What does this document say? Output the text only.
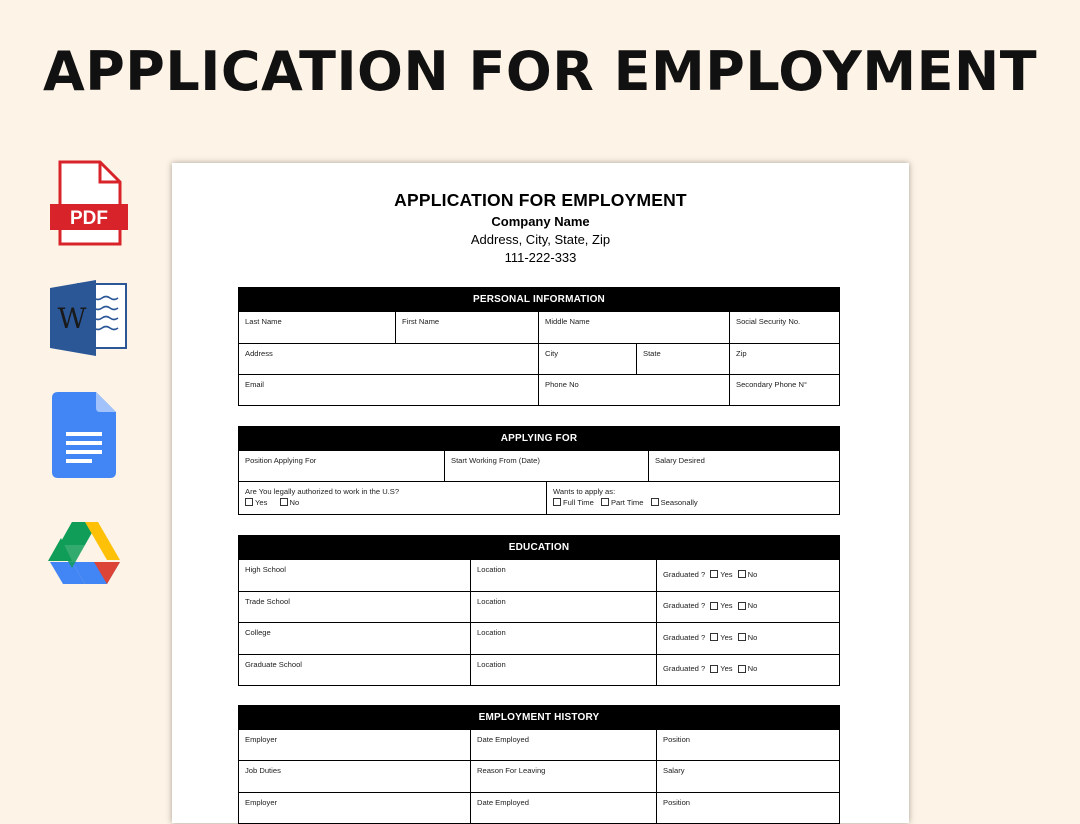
APPLICATION FOR EMPLOYMENT
PDF
W
APPLICATION FOR EMPLOYMENT
Company Name
Address, City, State, Zip
111-222-333
PERSONAL INFORMATION
Last Name	First Name	Middle Name	Social Security No.
Address	City	State	Zip
Email	Phone No	Secondary Phone N°
APPLYING FOR
Position Applying For	Start Working From (Date)	Salary Desired
Are You legally authorized to work in the U.S?
Yes	No
Wants to apply as:
Full Time Part Time Seasonally
EDUCATION
High School	Location	Graduated ? Yes No
Trade School	Location	Graduated ? Yes No
College	Location	Graduated ? Yes No
Graduate School	Location	Graduated ? Yes No
EMPLOYMENT HISTORY
Employer	Date Employed	Position
Job Duties	Reason For Leaving	Salary
Employer	Date Employed	Position
